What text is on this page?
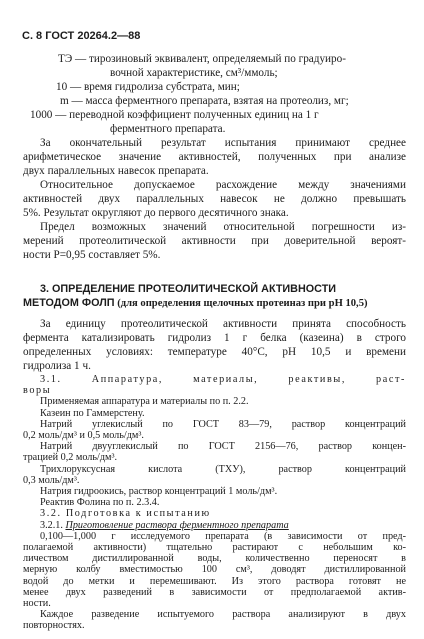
С. 8 ГОСТ 20264.2—88
ТЭ — тирозиновый эквивалент, определяемый по градуиро-
вочной характеристике, см³/ммоль;
10 — время гидролиза субстрата, мин;
m — масса ферментного препарата, взятая на протеолиз, мг;
1000 — переводной коэффициент полученных единиц на 1 г
ферментного препарата.
За окончательный результат испытания принимают среднее
арифметическое значение активностей, полученных при анализе
двух параллельных навесок препарата.
Относительное допускаемое расхождение между значениями
активностей двух параллельных навесок не должно превышать
5%. Результат округляют до первого десятичного знака.
Предел возможных значений относительной погрешности из-
мерений протеолитической активности при доверительной вероят-
ности P=0,95 составляет 5%.
3. ОПРЕДЕЛЕНИЕ ПРОТЕОЛИТИЧЕСКОЙ АКТИВНОСТИ
МЕТОДОМ ФОЛП (для определения щелочных протеиназ при pH 10,5)
За единицу протеолитической активности принята способность
фермента катализировать гидролиз 1 г белка (казеина) в строго
определенных условиях: температуре 40°C, pH 10,5 и времени
гидролиза 1 ч.
3.1. Аппаратура, материалы, реактивы, раст-
воры
Применяемая аппаратура и материалы по п. 2.2.
Казеин по Гаммерстену.
Натрий углекислый по ГОСТ 83—79, раствор концентраций
0,2 моль/дм³ и 0,5 моль/дм³.
Натрий двууглекислый по ГОСТ 2156—76, раствор концен-
трацией 0,2 моль/дм³.
Трихлоруксусная кислота (ТХУ), раствор концентраций
0,3 моль/дм³.
Натрия гидроокись, раствор концентраций 1 моль/дм³.
Реактив Фолина по п. 2.3.4.
3.2. Подготовка к испытанию
3.2.1. Приготовление раствора ферментного препарата
0,100—1,000 г исследуемого препарата (в зависимости от пред-
полагаемой активности) тщательно растирают с небольшим ко-
личеством дистиллированной воды, количественно переносят в
мерную колбу вместимостью 100 см³, доводят дистиллированной
водой до метки и перемешивают. Из этого раствора готовят не
менее двух разведений в зависимости от предполагаемой актив-
ности.
Каждое разведение испытуемого раствора анализируют в двух
повторностях.
